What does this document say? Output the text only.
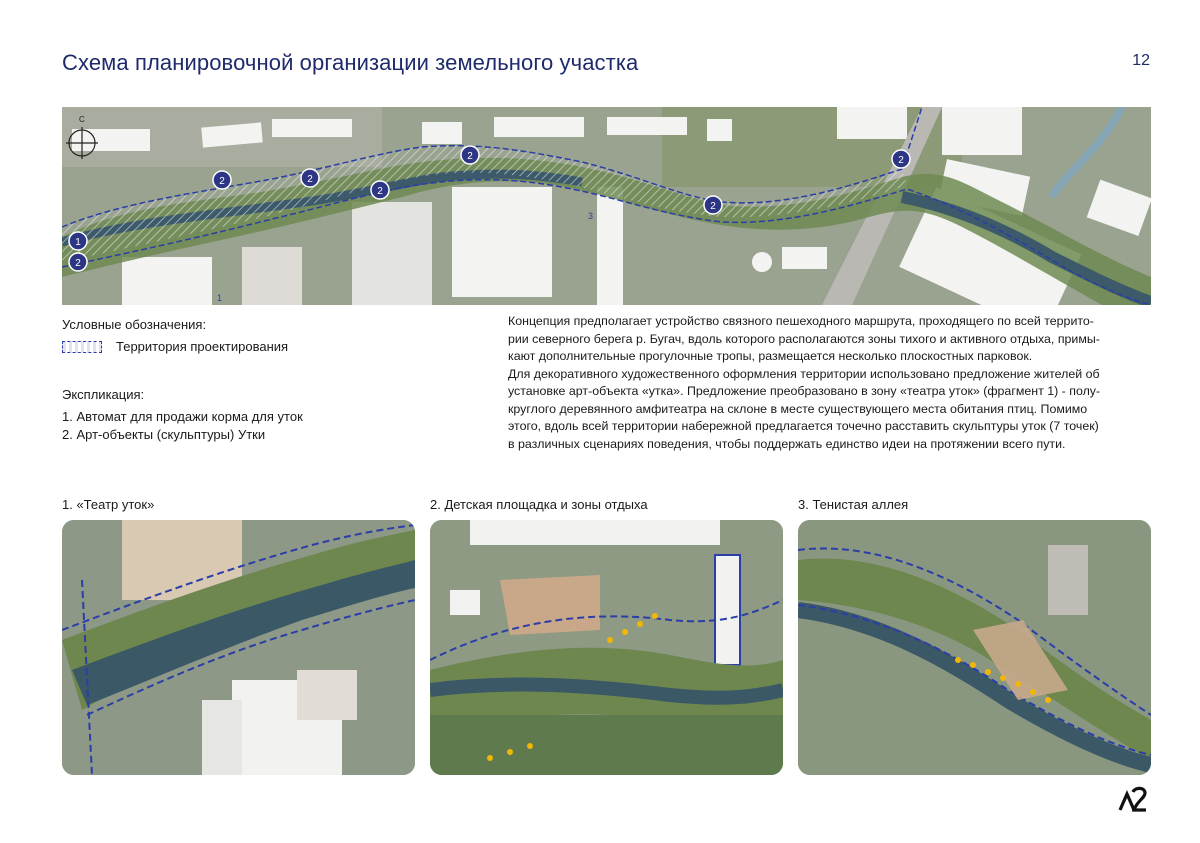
Схема планировочной организации земельного участка	12
С
1
3
1
2
2	2
2
2
2
2
Условные обозначения:
Территория проектирования
Экспликация:
1. Автомат для продажи корма для уток
2. Арт-объекты (скульптуры) Утки

Концепция предполагает устройство связного пешеходного маршрута, проходящего по всей террито-

рии северного берега р. Бугач, вдоль которого располагаются зоны тихого и активного отдыха, примы-

кают дополнительные прогулочные тропы, размещается несколько плоскостных парковок.

Для декоративного художественного оформления территории использовано предложение жителей об

установке арт-объекта «утка». Предложение преобразовано в зону «театра уток» (фрагмент 1) - полу-

круглого деревянного амфитеатра на склоне в месте существующего места обитания птиц. Помимо

этого, вдоль всей территории набережной предлагается точечно расставить скульптуры уток (7 точек)

в различных сценариях поведения, чтобы поддержать единство идеи на протяжении всего пути.

1. «Театр уток»	2. Детская площадка и зоны отдыха	3. Тенистая аллея
